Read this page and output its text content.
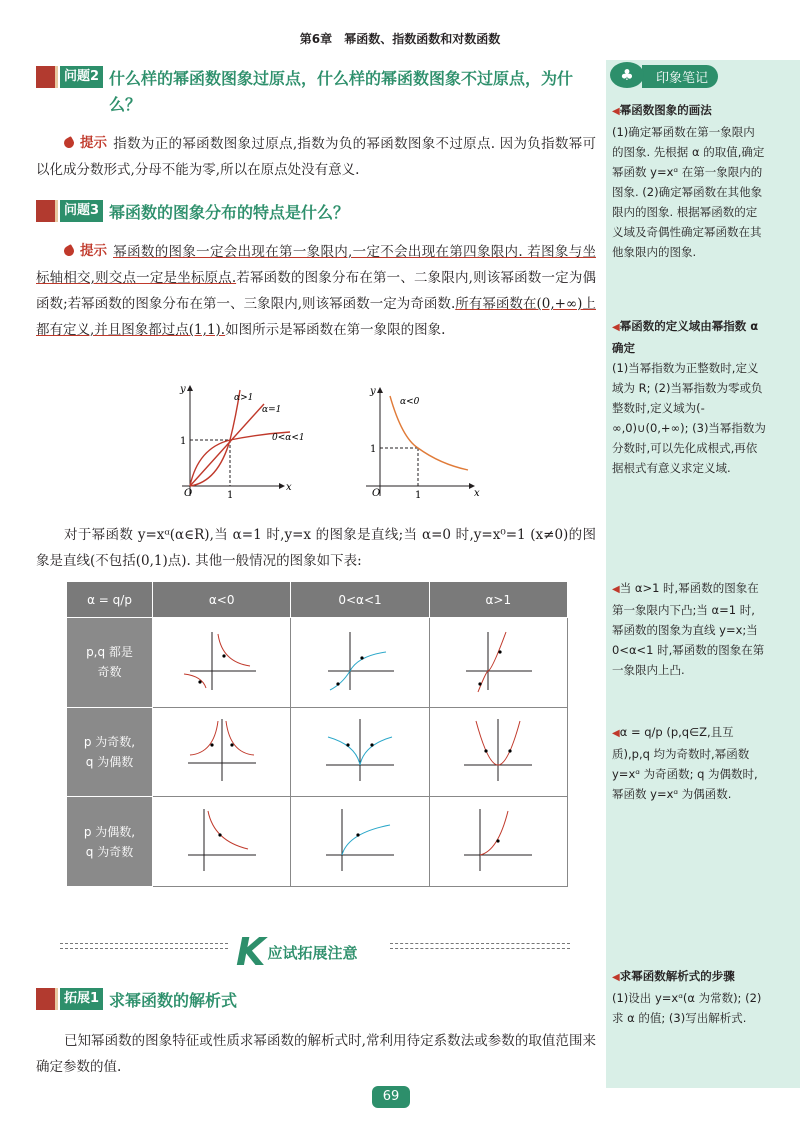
第6章 幂函数、指数函数和对数函数
印象笔记
♣
◀幂函数图象的画法
(1)确定幂函数在第一象限内的图象. 先根据 α 的取值,确定幂函数 y=xᵅ 在第一象限内的图象. (2)确定幂函数在其他象限内的图象. 根据幂函数的定义域及奇偶性确定幂函数在其他象限内的图象.
◀幂函数的定义域由幂指数 α 确定
(1)当幂指数为正整数时,定义域为 R; (2)当幂指数为零或负整数时,定义域为(-∞,0)∪(0,+∞); (3)当幂指数为分数时,可以先化成根式,再依据根式有意义求定义域.
◀当 α>1 时,幂函数的图象在第一象限内下凸;当 α=1 时,幂函数的图象为直线 y=x;当 0<α<1 时,幂函数的图象在第一象限内上凸.
◀α = q/p (p,q∈Z,且互质),p,q 均为奇数时,幂函数 y=xᵅ 为奇函数; q 为偶数时,幂函数 y=xᵅ 为偶函数.
◀求幂函数解析式的步骤
(1)设出 y=xᵅ(α 为常数); (2)求 α 的值; (3)写出解析式.
问题2 什么样的幂函数图象过原点，什么样的幂函数图象不过原点，为什么？
提示 指数为正的幂函数图象过原点,指数为负的幂函数图象不过原点. 因为负指数幂可以化成分数形式,分母不能为零,所以在原点处没有意义.
问题3 幂函数的图象分布的特点是什么？
提示 幂函数的图象一定会出现在第一象限内,一定不会出现在第四象限内. 若图象与坐标轴相交,则交点一定是坐标原点.若幂函数的图象分布在第一、二象限内,则该幂函数一定为偶函数;若幂函数的图象分布在第一、三象限内,则该幂函数一定为奇函数.所有幂函数在(0,+∞)上都有定义,并且图象都过点(1,1).如图所示是幂函数在第一象限的图象.
O
y
x
1
1
α>1
α=1
0<α<1
O
y
x
1
1
α<0
对于幂函数 y=xᵅ(α∈R),当 α=1 时,y=x 的图象是直线;当 α=0 时,y=x⁰=1 (x≠0)的图象是直线(不包括(0,1)点). 其他一般情况的图象如下表:
α = q/p	α<0	0<α<1	α>1

p,q 都是
奇数

p 为奇数,
q 为偶数

p 为偶数,
q 为奇数

K 应试拓展注意
拓展1 求幂函数的解析式
已知幂函数的图象特征或性质求幂函数的解析式时,常利用待定系数法或参数的取值范围来确定参数的值.
69
